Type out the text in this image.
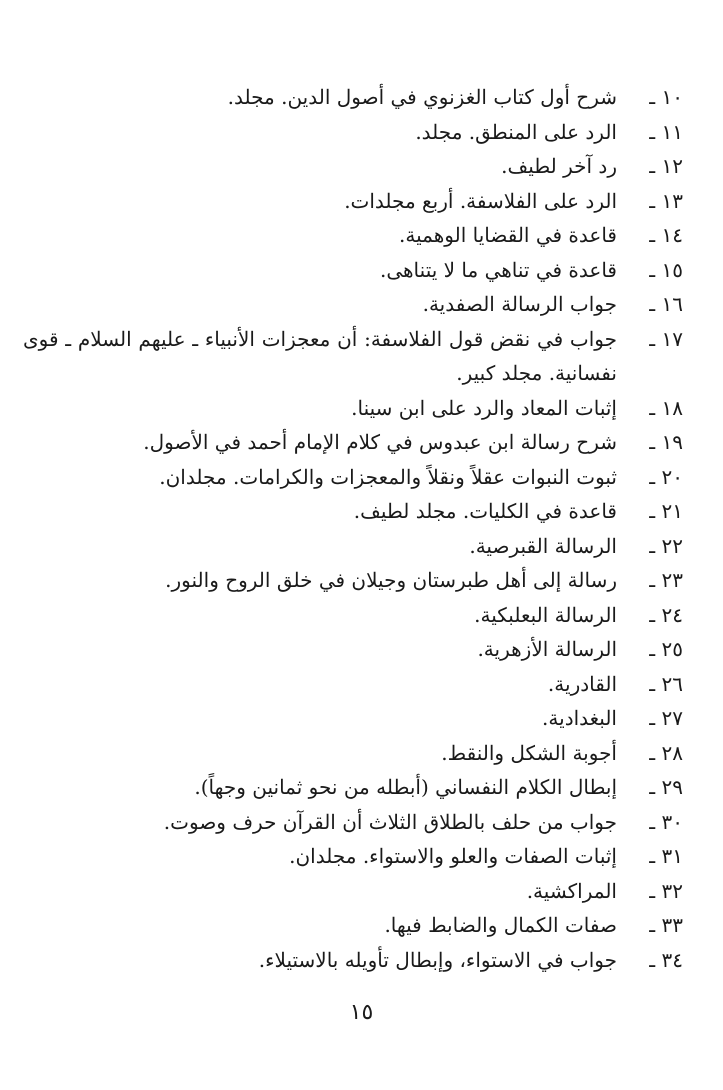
١٠ ـ
شرح أول كتاب الغزنوي في أصول الدين. مجلد.
١١ ـ
الرد على المنطق. مجلد.
١٢ ـ
رد آخر لطيف.
١٣ ـ
الرد على الفلاسفة. أربع مجلدات.
١٤ ـ
قاعدة في القضايا الوهمية.
١٥ ـ
قاعدة في تناهي ما لا يتناهى.
١٦ ـ
جواب الرسالة الصفدية.
١٧ ـ
جواب في نقض قول الفلاسفة: أن معجزات الأنبياء ـ عليهم السلام ـ قوى نفسانية. مجلد كبير.
١٨ ـ
إثبات المعاد والرد على ابن سينا.
١٩ ـ
شرح رسالة ابن عبدوس في كلام الإمام أحمد في الأصول.
٢٠ ـ
ثبوت النبوات عقلاً ونقلاً والمعجزات والكرامات. مجلدان.
٢١ ـ
قاعدة في الكليات. مجلد لطيف.
٢٢ ـ
الرسالة القبرصية.
٢٣ ـ
رسالة إلى أهل طبرستان وجيلان في خلق الروح والنور.
٢٤ ـ
الرسالة البعلبكية.
٢٥ ـ
الرسالة الأزهرية.
٢٦ ـ
القادرية.
٢٧ ـ
البغدادية.
٢٨ ـ
أجوبة الشكل والنقط.
٢٩ ـ
إبطال الكلام النفساني (أبطله من نحو ثمانين وجهاً).
٣٠ ـ
جواب من حلف بالطلاق الثلاث أن القرآن حرف وصوت.
٣١ ـ
إثبات الصفات والعلو والاستواء. مجلدان.
٣٢ ـ
المراكشية.
٣٣ ـ
صفات الكمال والضابط فيها.
٣٤ ـ
جواب في الاستواء، وإبطال تأويله بالاستيلاء.
١٥
